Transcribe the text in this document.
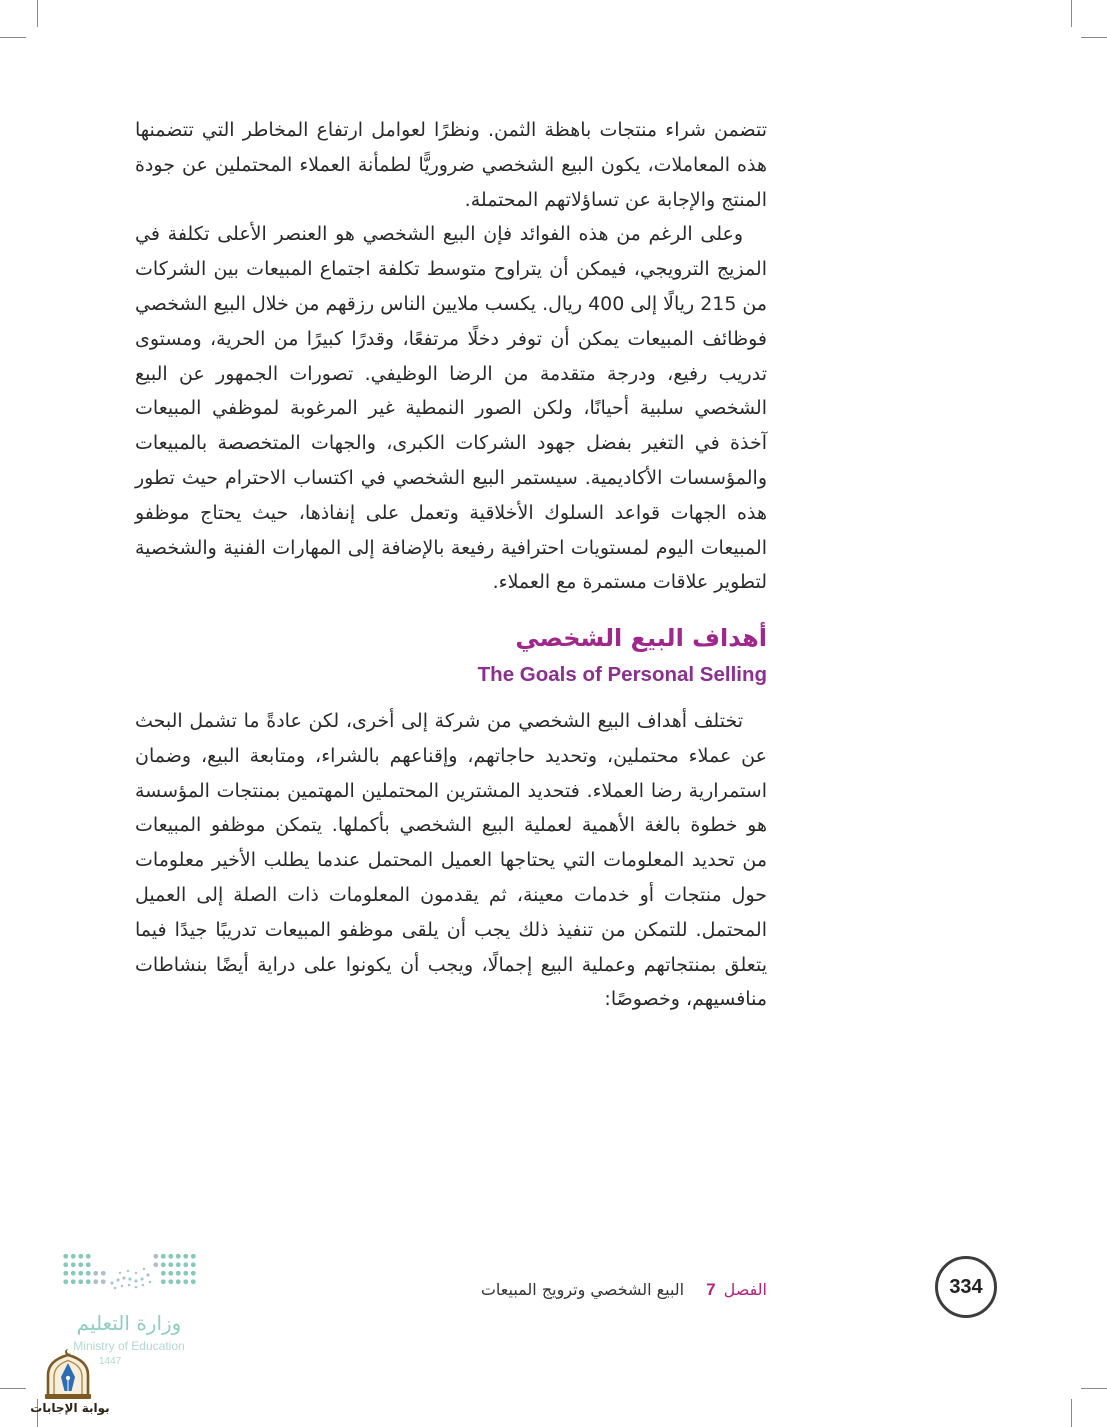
تتضمن شراء منتجات باهظة الثمن. ونظرًا لعوامل ارتفاع المخاطر التي تتضمنها
هذه المعاملات، يكون البيع الشخصي ضروريًّا لطمأنة العملاء المحتملين عن جودة
المنتج والإجابة عن تساؤلاتهم المحتملة.
وعلى الرغم من هذه الفوائد فإن البيع الشخصي هو العنصر الأعلى تكلفة في
المزيج الترويجي، فيمكن أن يتراوح متوسط تكلفة اجتماع المبيعات بين الشركات
من 215 ريالًا إلى 400 ريال. يكسب ملايين الناس رزقهم من خلال البيع الشخصي
فوظائف المبيعات يمكن أن توفر دخلًا مرتفعًا، وقدرًا كبيرًا من الحرية، ومستوى
تدريب رفيع، ودرجة متقدمة من الرضا الوظيفي. تصورات الجمهور عن البيع
الشخصي سلبية أحيانًا، ولكن الصور النمطية غير المرغوبة لموظفي المبيعات
آخذة في التغير بفضل جهود الشركات الكبرى، والجهات المتخصصة بالمبيعات
والمؤسسات الأكاديمية. سيستمر البيع الشخصي في اكتساب الاحترام حيث تطور
هذه الجهات قواعد السلوك الأخلاقية وتعمل على إنفاذها، حيث يحتاج موظفو
المبيعات اليوم لمستويات احترافية رفيعة بالإضافة إلى المهارات الفنية والشخصية
لتطوير علاقات مستمرة مع العملاء.
أهداف البيع الشخصي
The Goals of Personal Selling
تختلف أهداف البيع الشخصي من شركة إلى أخرى، لكن عادةً ما تشمل البحث
عن عملاء محتملين، وتحديد حاجاتهم، وإقناعهم بالشراء، ومتابعة البيع، وضمان
استمرارية رضا العملاء. فتحديد المشترين المحتملين المهتمين بمنتجات المؤسسة
هو خطوة بالغة الأهمية لعملية البيع الشخصي بأكملها. يتمكن موظفو المبيعات
من تحديد المعلومات التي يحتاجها العميل المحتمل عندما يطلب الأخير معلومات
حول منتجات أو خدمات معينة، ثم يقدمون المعلومات ذات الصلة إلى العميل
المحتمل. للتمكن من تنفيذ ذلك يجب أن يلقى موظفو المبيعات تدريبًا جيدًا فيما
يتعلق بمنتجاتهم وعملية البيع إجمالًا، ويجب أن يكونوا على دراية أيضًا بنشاطات
منافسيهم، وخصوصًا:
334
الفصل7البيع الشخصي وترويج المبيعات
وزارة التعليم
Ministry of Education
1447
بوابة الإجابات
